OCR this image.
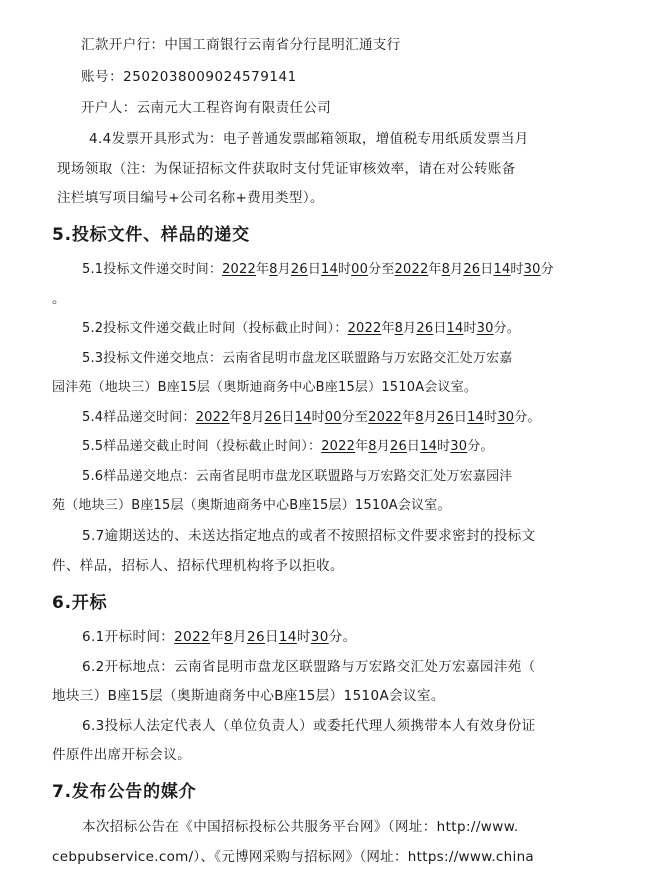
汇款开户行：中国工商银行云南省分行昆明汇通支行
账号：2502038009024579141
开户人：云南元大工程咨询有限责任公司
4.4发票开具形式为：电子普通发票邮箱领取，增值税专用纸质发票当月
现场领取（注：为保证招标文件获取时支付凭证审核效率，请在对公转账备
注栏填写项目编号+公司名称+费用类型）。
5.投标文件、样品的递交
5.1投标文件递交时间：2022年8月26日14时00分至2022年8月26日14时30分
。
5.2投标文件递交截止时间（投标截止时间）：2022年8月26日14时30分。
5.3投标文件递交地点：云南省昆明市盘龙区联盟路与万宏路交汇处万宏嘉
园沣苑（地块三）B座15层（奥斯迪商务中心B座15层）1510A会议室。
5.4样品递交时间：2022年8月26日14时00分至2022年8月26日14时30分。
5.5样品递交截止时间（投标截止时间）：2022年8月26日14时30分。
5.6样品递交地点：云南省昆明市盘龙区联盟路与万宏路交汇处万宏嘉园沣
苑（地块三）B座15层（奥斯迪商务中心B座15层）1510A会议室。
5.7逾期送达的、未送达指定地点的或者不按照招标文件要求密封的投标文
件、样品，招标人、招标代理机构将予以拒收。
6.开标
6.1开标时间：2022年8月26日14时30分。
6.2开标地点：云南省昆明市盘龙区联盟路与万宏路交汇处万宏嘉园沣苑（
地块三）B座15层（奥斯迪商务中心B座15层）1510A会议室。
6.3投标人法定代表人（单位负责人）或委托代理人须携带本人有效身份证
件原件出席开标会议。
7.发布公告的媒介
本次招标公告在《中国招标投标公共服务平台网》（网址：http://www.
cebpubservice.com/）、《元博网采购与招标网》（网址：https://www.china
